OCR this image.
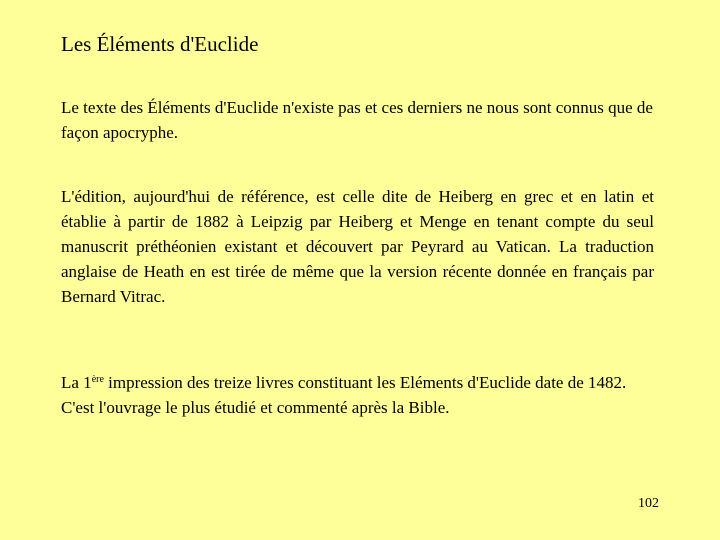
Les Éléments d'Euclide

Le texte des Éléments d'Euclide n'existe pas et ces derniers ne nous sont connus que de façon apocryphe.

L'édition, aujourd'hui de référence, est celle dite de Heiberg en grec et en latin et établie à partir de 1882 à Leipzig par Heiberg et Menge en tenant compte du seul manuscrit préthéonien existant et découvert par Peyrard au Vatican. La traduction anglaise de Heath en est tirée de même que la version récente donnée en français par Bernard Vitrac.

La 1ère impression des treize livres constituant les Eléments d'Euclide date de 1482. C'est l'ouvrage le plus étudié et commenté après la Bible.

102
